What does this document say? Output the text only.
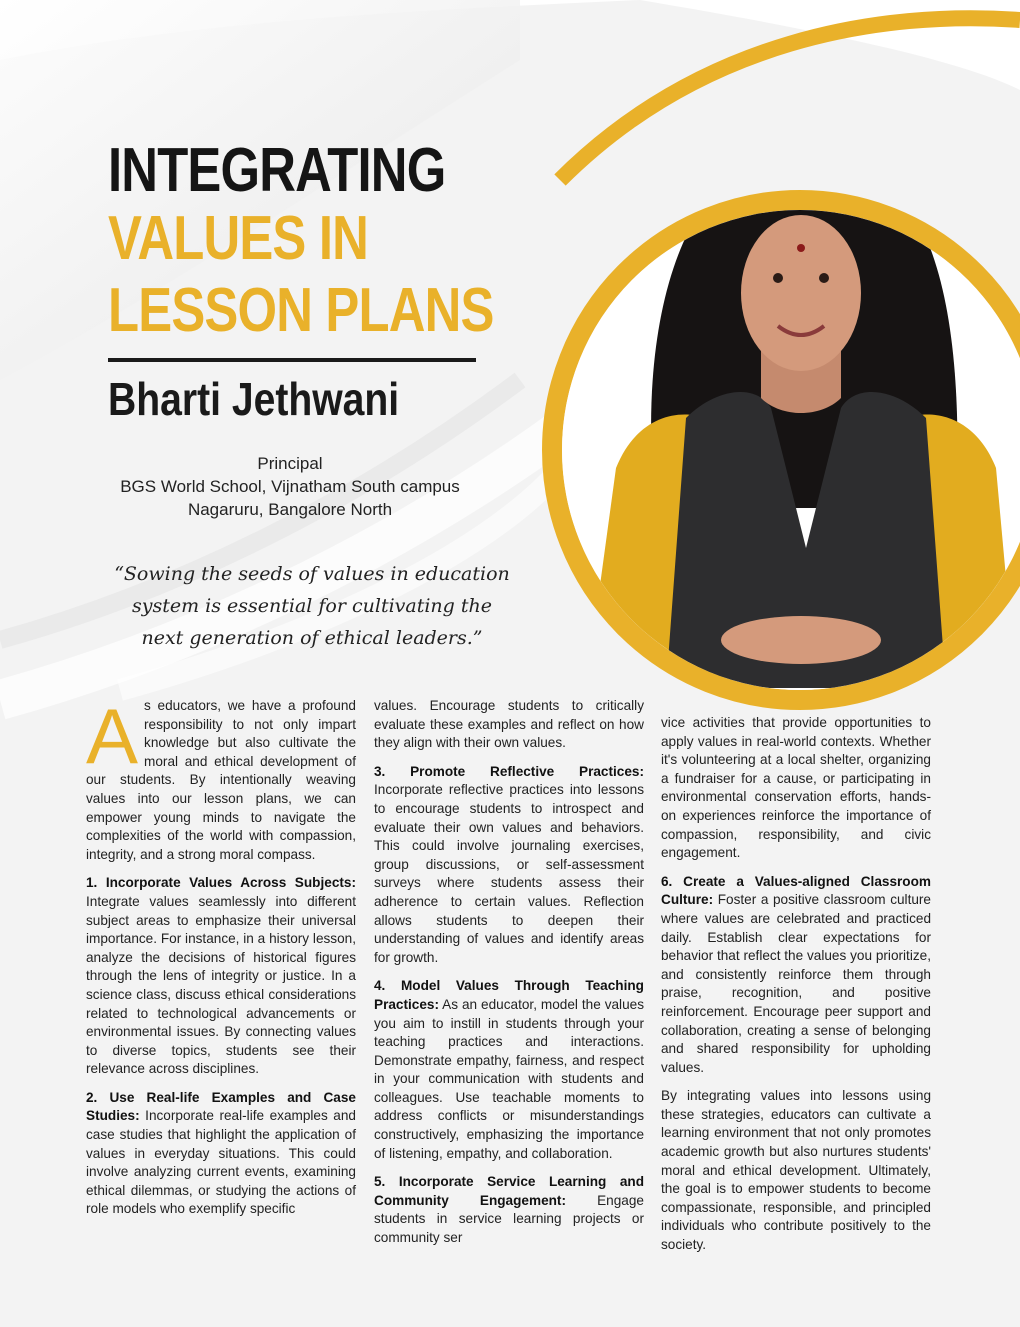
INTEGRATING
VALUES IN
LESSON PLANS
Bharti Jethwani
Principal
BGS World School, Vijnatham South campus
Nagaruru, Bangalore North
“Sowing the seeds of values in education system is essential for cultivating the next generation of ethical leaders.”

As educators, we have a profound responsibility to not only impart knowledge but also cultivate the moral and ethical development of our students. By intentionally weaving values into our lesson plans, we can empower young minds to navigate the complexities of the world with compassion, integrity, and a strong moral compass.

1. Incorporate Values Across Subjects: Integrate values seamlessly into different subject areas to emphasize their universal importance. For instance, in a history lesson, analyze the decisions of historical figures through the lens of integrity or justice. In a science class, discuss ethical considerations related to technological advancements or environmental issues. By connecting values to diverse topics, students see their relevance across disciplines.

2. Use Real-life Examples and Case Studies: Incorporate real-life examples and case studies that highlight the application of values in everyday situations. This could involve analyzing current events, examining ethical dilemmas, or studying the actions of role models who exemplify specific

values. Encourage students to critically evaluate these examples and reflect on how they align with their own values.

3. Promote Reflective Practices: Incorporate reflective practices into lessons to encourage students to introspect and evaluate their own values and behaviors. This could involve journaling exercises, group discussions, or self-assessment surveys where students assess their adherence to certain values. Reflection allows students to deepen their understanding of values and identify areas for growth.

4. Model Values Through Teaching Practices: As an educator, model the values you aim to instill in students through your teaching practices and interactions. Demonstrate empathy, fairness, and respect in your communication with students and colleagues. Use teachable moments to address conflicts or misunderstandings constructively, emphasizing the importance of listening, empathy, and collaboration.

5. Incorporate Service Learning and Community Engagement: Engage students in service learning projects or community ser

vice activities that provide opportunities to apply values in real-world contexts. Whether it's volunteering at a local shelter, organizing a fundraiser for a cause, or participating in environmental conservation efforts, hands-on experiences reinforce the importance of compassion, responsibility, and civic engagement.

6. Create a Values-aligned Classroom Culture: Foster a positive classroom culture where values are celebrated and practiced daily. Establish clear expectations for behavior that reflect the values you prioritize, and consistently reinforce them through praise, recognition, and positive reinforcement. Encourage peer support and collaboration, creating a sense of belonging and shared responsibility for upholding values.

By integrating values into lessons using these strategies, educators can cultivate a learning environment that not only promotes academic growth but also nurtures students' moral and ethical development. Ultimately, the goal is to empower students to become compassionate, responsible, and principled individuals who contribute positively to the society.
